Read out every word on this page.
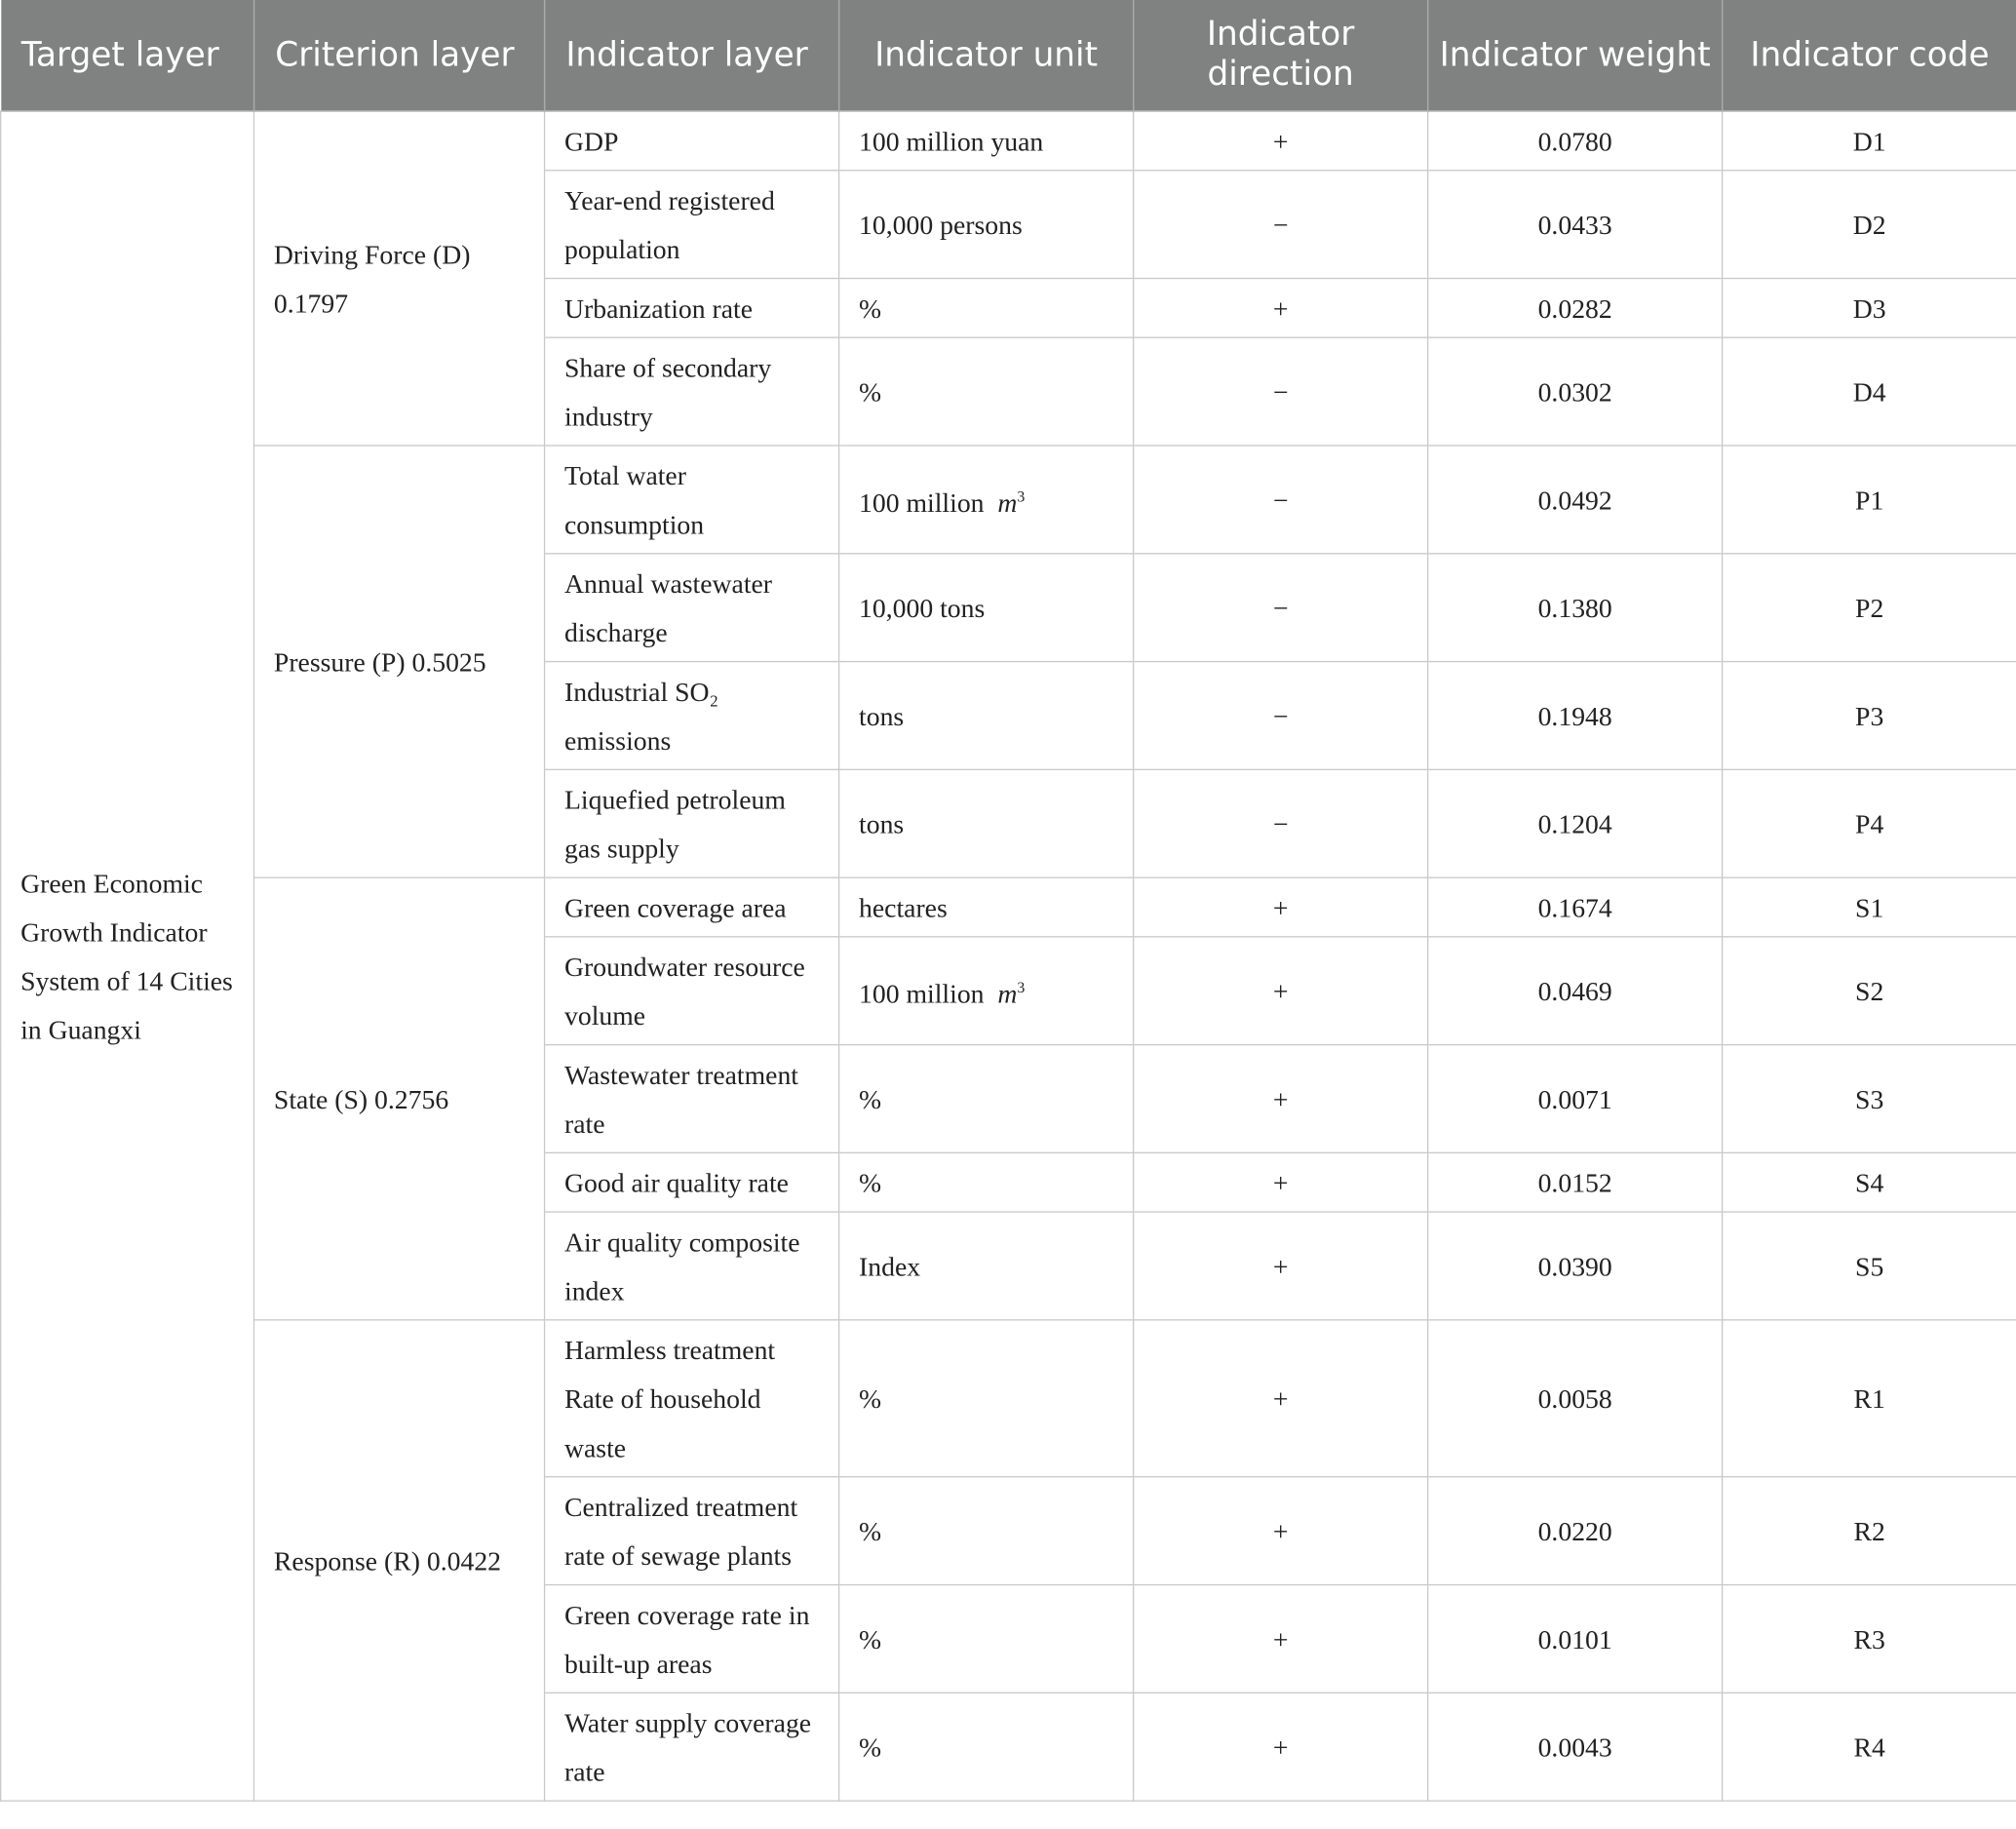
Target layer	Criterion layer	Indicator layer	Indicator unit	Indicator direction	Indicator weight	Indicator code
Green Economic Growth Indicator System of 14 Cities in Guangxi	Driving Force (D) 0.1797	GDP	100 million yuan	+	0.0780	D1
		Year-end registered population	10,000 persons	−	0.0433	D2
		Urbanization rate	%	+	0.0282	D3
		Share of secondary industry	%	−	0.0302	D4
	Pressure (P) 0.5025	Total water consumption	100 million $m^3$	−	0.0492	P1
		Annual wastewater discharge	10,000 tons	−	0.1380	P2
		Industrial SO₂ emissions	tons	−	0.1948	P3
		Liquefied petroleum gas supply	tons	−	0.1204	P4
	State (S) 0.2756	Green coverage area	hectares	+	0.1674	S1
		Groundwater resource volume	100 million $m^3$	+	0.0469	S2
		Wastewater treatment rate	%	+	0.0071	S3
		Good air quality rate	%	+	0.0152	S4
		Air quality composite index	Index	+	0.0390	S5
	Response (R) 0.0422	Harmless treatment Rate of household waste	%	+	0.0058	R1
		Centralized treatment rate of sewage plants	%	+	0.0220	R2
		Green coverage rate in built-up areas	%	+	0.0101	R3
		Water supply coverage rate	%	+	0.0043	R4
